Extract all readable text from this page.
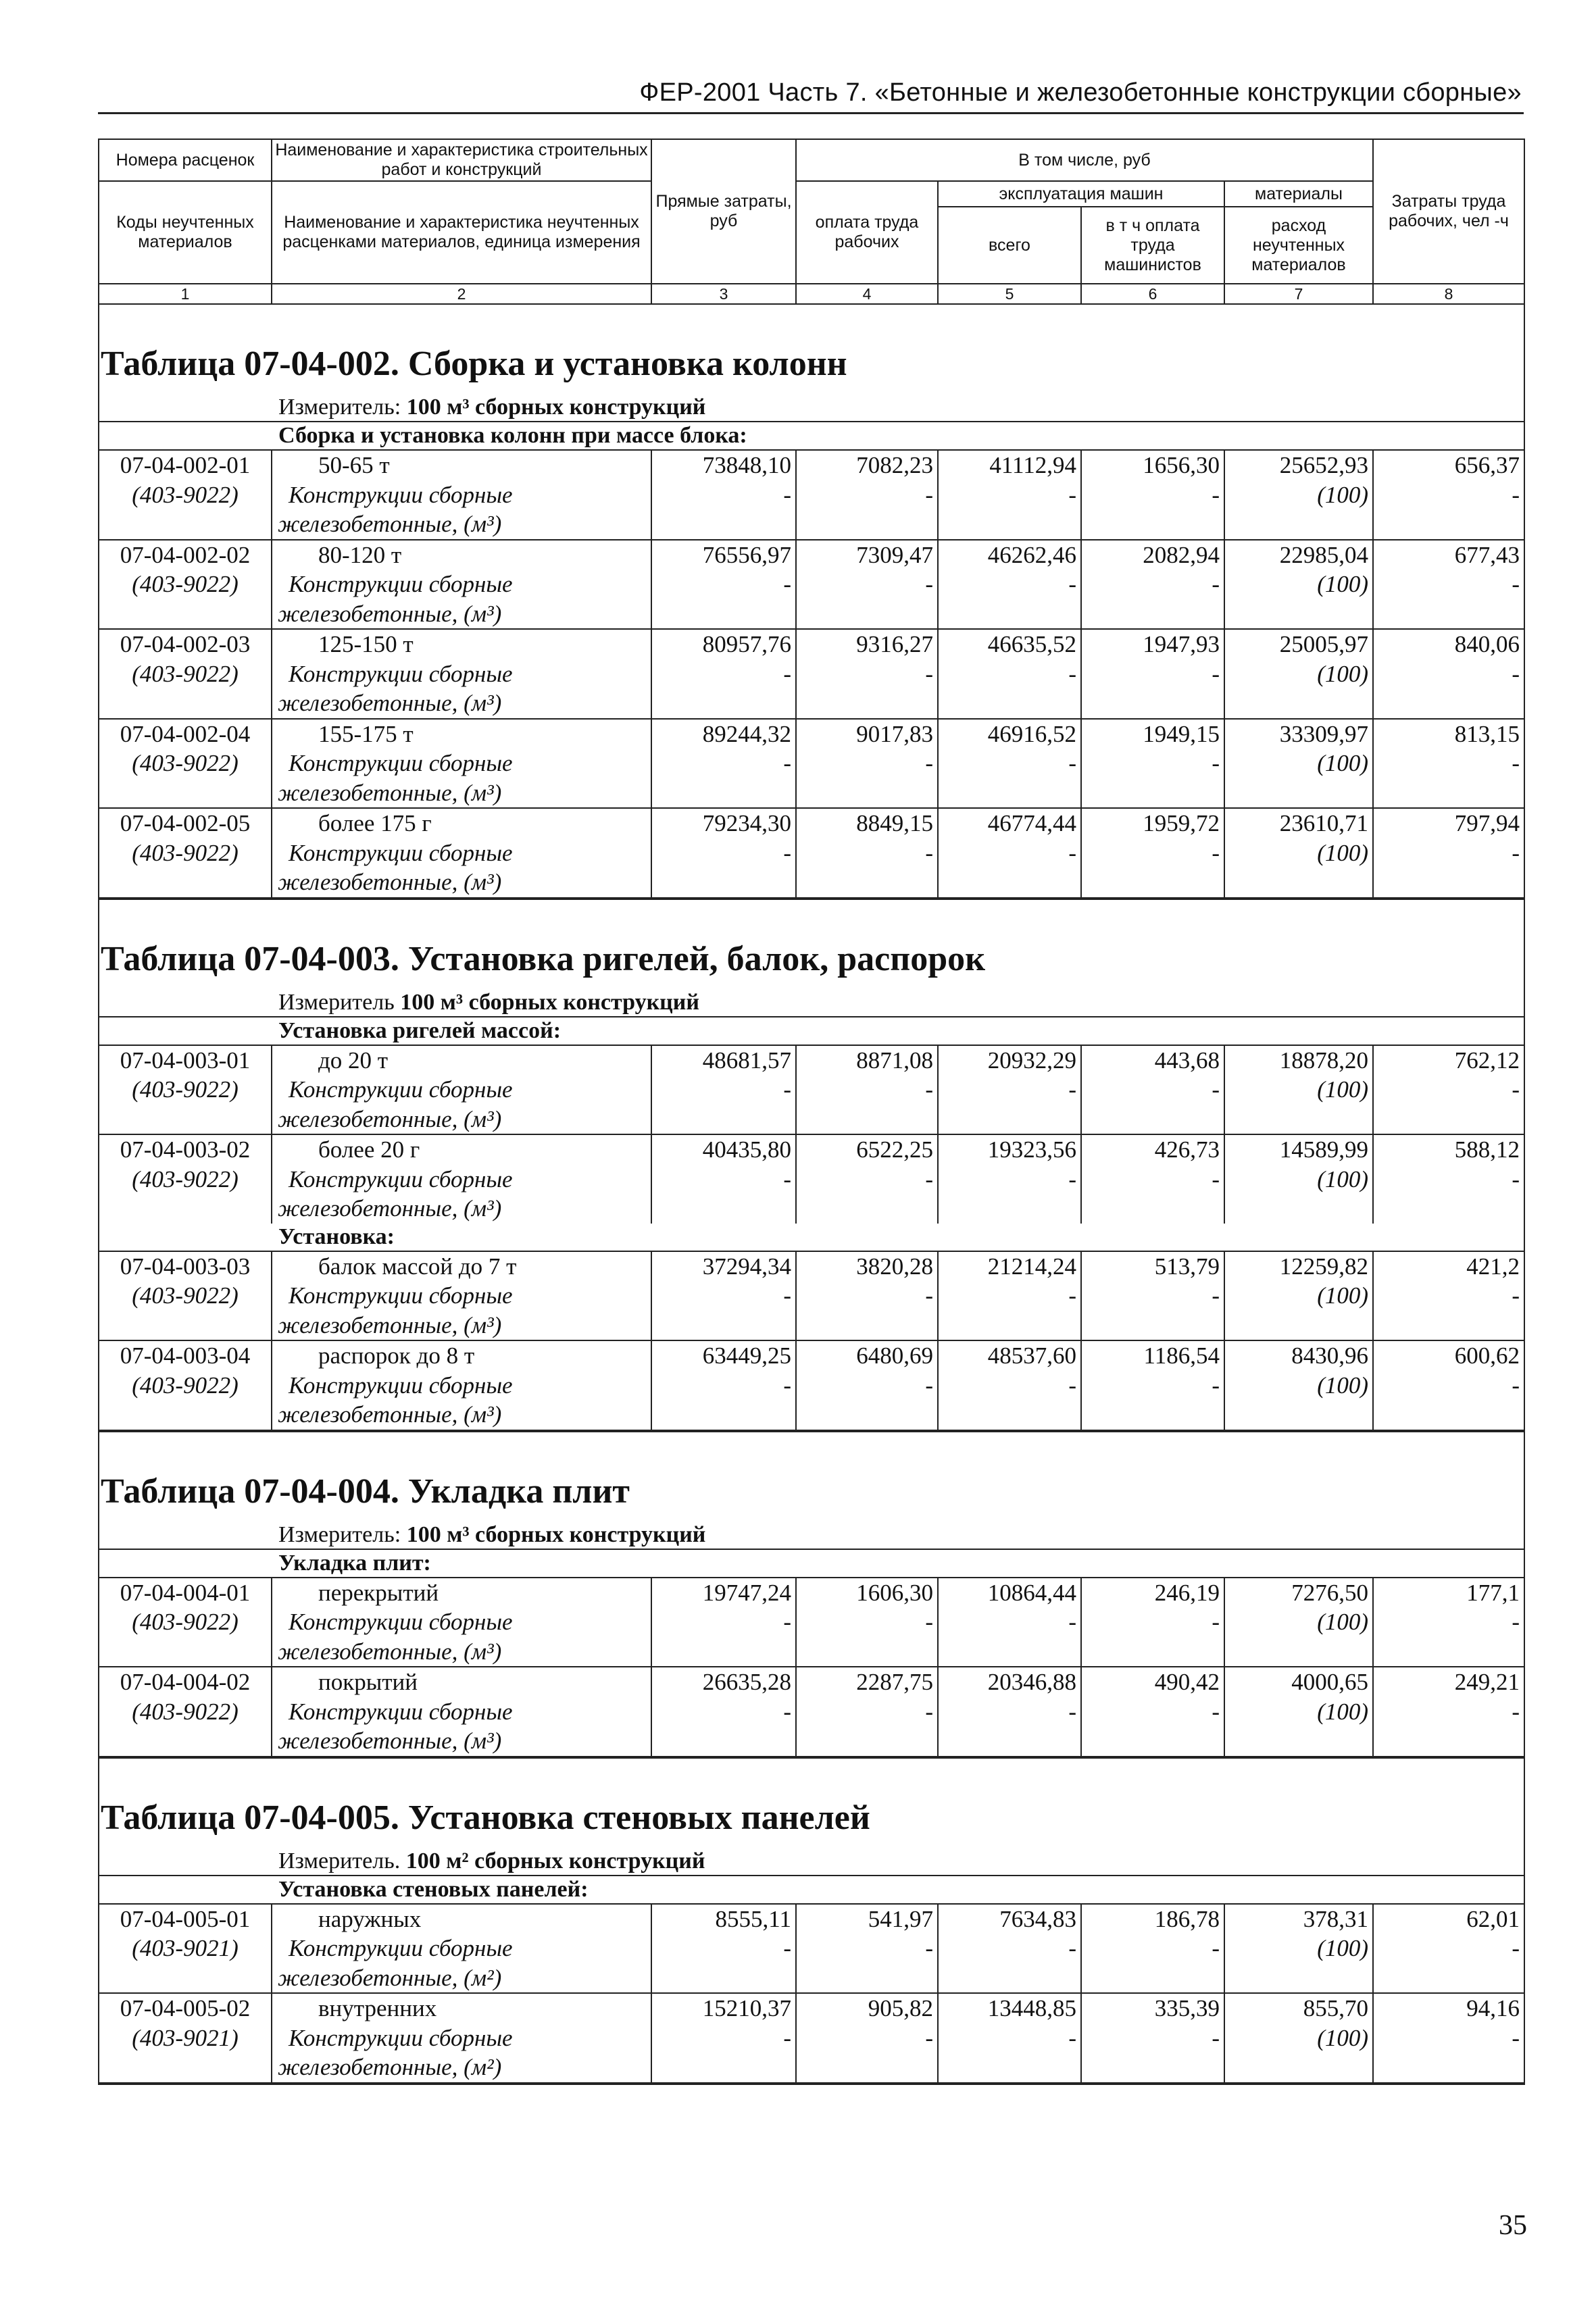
ФЕР-2001 Часть 7. «Бетонные и железобетонные конструкции сборные»
Номера расценок	Наименование и характеристика строительных работ и конструкций	Прямые затраты, руб	В том числе, руб				Затраты труда рабочих, чел -ч
Коды неучтенных материалов	Наименование и характеристика неучтенных расценками материалов, единица измерения		оплата труда рабочих	эксплуатация машин		материалы	
				всего	в т ч оплата труда машинистов	расход неучтенных материалов	
1	2	3	4	5	6	7	8
Таблица 07-04-002. Сборка и установка колонн							
Измеритель: 100 м³ сборных конструкций							
Сборка и установка колонн при массе блока:							
07-04-002-01	50-65 т	73848,10	7082,23	41112,94	1656,30	25652,93	656,37
(403-9022)	Конструкции сборные	-	-	-	-	(100)	-
	железобетонные, (м³)						
07-04-002-02	80-120 т	76556,97	7309,47	46262,46	2082,94	22985,04	677,43
(403-9022)	Конструкции сборные	-	-	-	-	(100)	-
	железобетонные, (м³)						
07-04-002-03	125-150 т	80957,76	9316,27	46635,52	1947,93	25005,97	840,06
(403-9022)	Конструкции сборные	-	-	-	-	(100)	-
	железобетонные, (м³)						
07-04-002-04	155-175 т	89244,32	9017,83	46916,52	1949,15	33309,97	813,15
(403-9022)	Конструкции сборные	-	-	-	-	(100)	-
	железобетонные, (м³)						
07-04-002-05	более 175 г	79234,30	8849,15	46774,44	1959,72	23610,71	797,94
(403-9022)	Конструкции сборные	-	-	-	-	(100)	-
	железобетонные, (м³)						

Таблица 07-04-003. Установка ригелей, балок, распорок							
Измеритель 100 м³ сборных конструкций							
Установка ригелей массой:							
07-04-003-01	до 20 т	48681,57	8871,08	20932,29	443,68	18878,20	762,12
(403-9022)	Конструкции сборные	-	-	-	-	(100)	-
	железобетонные, (м³)						
07-04-003-02	более 20 г	40435,80	6522,25	19323,56	426,73	14589,99	588,12
(403-9022)	Конструкции сборные	-	-	-	-	(100)	-
	железобетонные, (м³)						
Установка:							
07-04-003-03	балок массой до 7 т	37294,34	3820,28	21214,24	513,79	12259,82	421,2
(403-9022)	Конструкции сборные	-	-	-	-	(100)	-
	железобетонные, (м³)						
07-04-003-04	распорок до 8 т	63449,25	6480,69	48537,60	1186,54	8430,96	600,62
(403-9022)	Конструкции сборные	-	-	-	-	(100)	-
	железобетонные, (м³)						

Таблица 07-04-004. Укладка плит							
Измеритель: 100 м³ сборных конструкций							
Укладка плит:							
07-04-004-01	перекрытий	19747,24	1606,30	10864,44	246,19	7276,50	177,1
(403-9022)	Конструкции сборные	-	-	-	-	(100)	-
	железобетонные, (м³)						
07-04-004-02	покрытий	26635,28	2287,75	20346,88	490,42	4000,65	249,21
(403-9022)	Конструкции сборные	-	-	-	-	(100)	-
	железобетонные, (м³)						

Таблица 07-04-005. Установка стеновых панелей							
Измеритель. 100 м² сборных конструкций							
Установка стеновых панелей:							
07-04-005-01	наружных	8555,11	541,97	7634,83	186,78	378,31	62,01
(403-9021)	Конструкции сборные	-	-	-	-	(100)	-
	железобетонные, (м²)						
07-04-005-02	внутренних	15210,37	905,82	13448,85	335,39	855,70	94,16
(403-9021)	Конструкции сборные	-	-	-	-	(100)	-
	железобетонные, (м²)						

35
